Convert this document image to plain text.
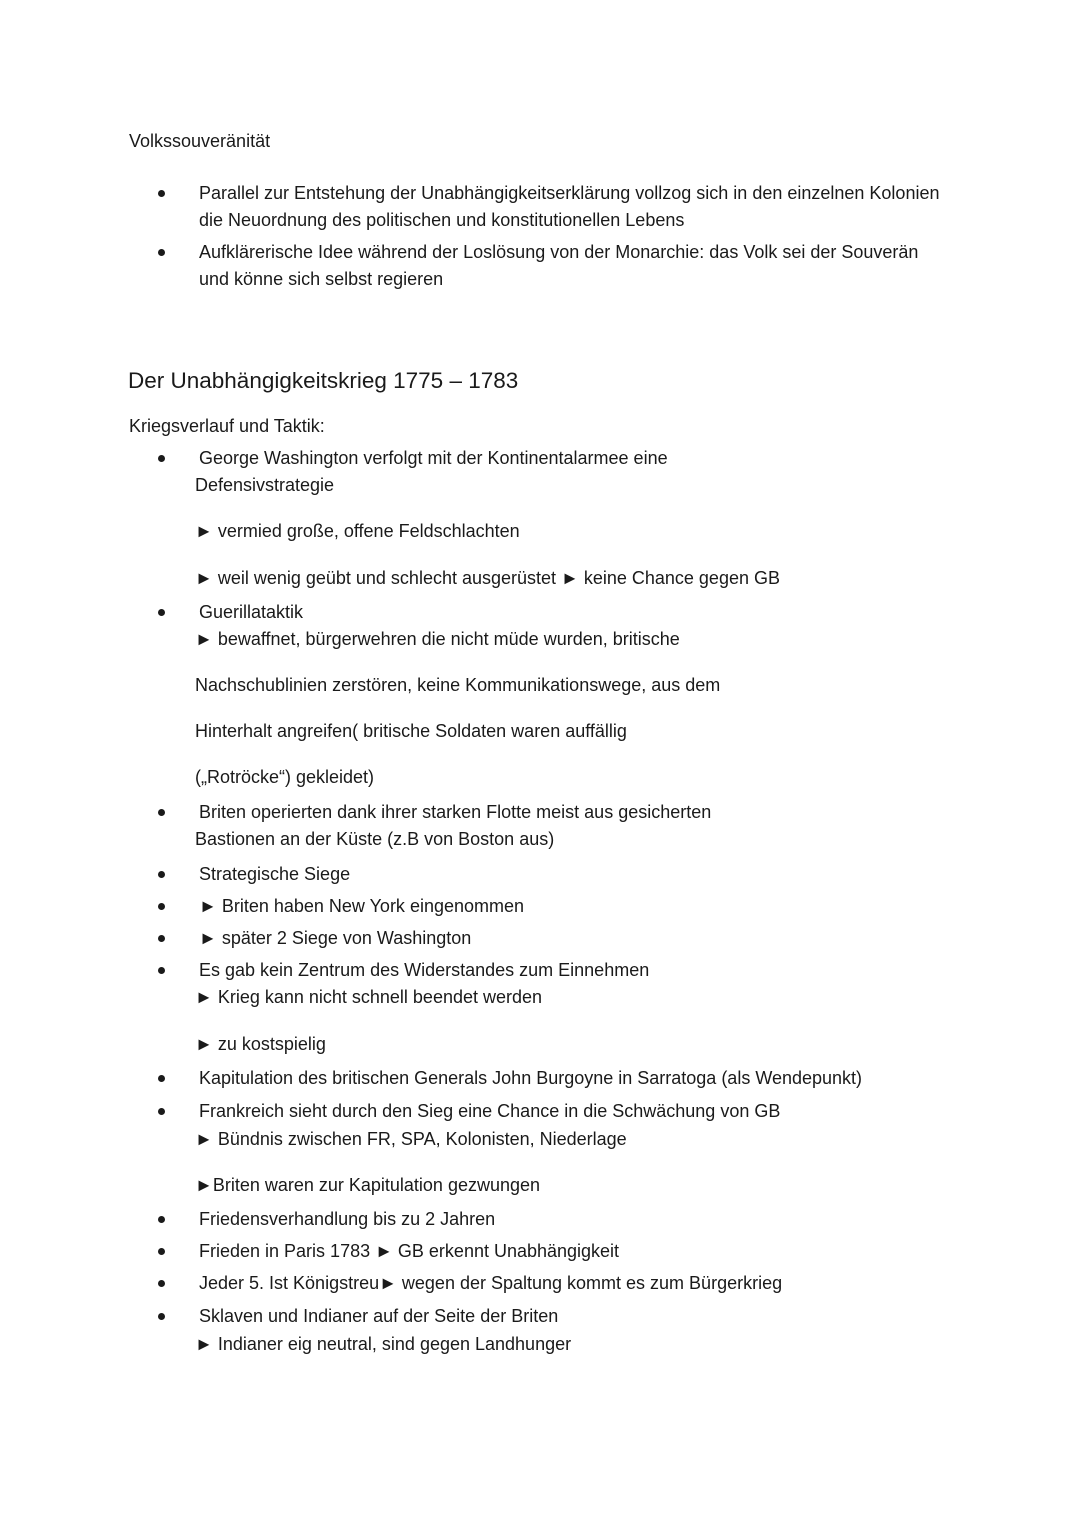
Volkssouveränität
Parallel zur Entstehung der Unabhängigkeitserklärung vollzog sich in den einzelnen Kolonien
die Neuordnung des politischen und konstitutionellen Lebens
Aufklärerische Idee während der Loslösung von der Monarchie: das Volk sei der Souverän
und könne sich selbst regieren
Der Unabhängigkeitskrieg 1775 – 1783
Kriegsverlauf und Taktik:
George Washington verfolgt mit der Kontinentalarmee eine
Defensivstrategie
► vermied große, offene Feldschlachten
► weil wenig geübt und schlecht ausgerüstet ► keine Chance gegen GB
Guerillataktik
► bewaffnet, bürgerwehren die nicht müde wurden, britische
Nachschublinien zerstören, keine Kommunikationswege, aus dem
Hinterhalt angreifen( britische Soldaten waren auffällig
(„Rotröcke“) gekleidet)
Briten operierten dank ihrer starken Flotte meist aus gesicherten
Bastionen an der Küste (z.B von Boston aus)
Strategische Siege
► Briten haben New York eingenommen
► später 2 Siege von Washington
Es gab kein Zentrum des Widerstandes zum Einnehmen
► Krieg kann nicht schnell beendet werden
► zu kostspielig
Kapitulation des britischen Generals John Burgoyne in Sarratoga (als Wendepunkt)
Frankreich sieht durch den Sieg eine Chance in die Schwächung von GB
► Bündnis zwischen FR, SPA, Kolonisten, Niederlage
►Briten waren zur Kapitulation gezwungen
Friedensverhandlung bis zu 2 Jahren
Frieden in Paris 1783 ► GB erkennt Unabhängigkeit
Jeder 5. Ist Königstreu► wegen der Spaltung kommt es zum Bürgerkrieg
Sklaven und Indianer auf der Seite der Briten
► Indianer eig neutral, sind gegen Landhunger
